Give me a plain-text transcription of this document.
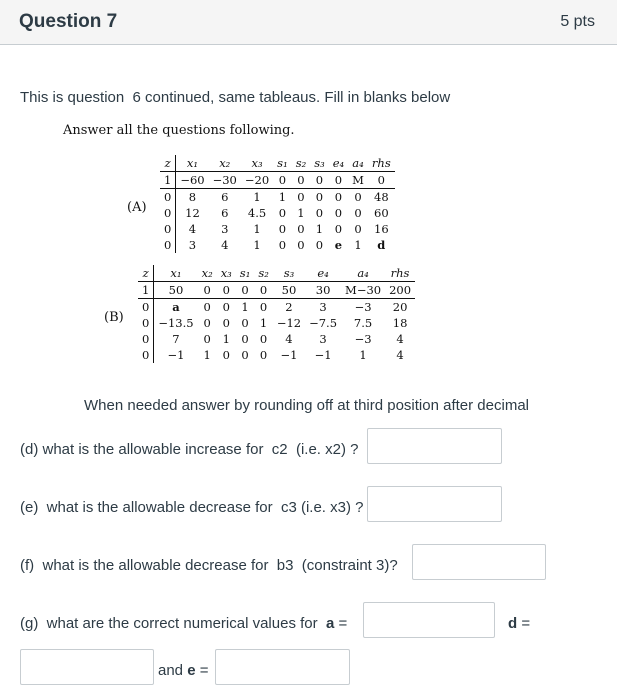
Question 7	5 pts
This is question  6 continued, same tableaus. Fill in blanks below
Answer all the questions following.
(A)
z	x₁	x₂	x₃	s₁	s₂	s₃	e₄	a₄	rhs
1	−60	−30	−20	0	0	0	0	M	0
0	8	6	1	1	0	0	0	0	48
0	12	6	4.5	0	1	0	0	0	60
0	4	3	1	0	0	1	0	0	16
0	3	4	1	0	0	0	e	1	d
(B)
z	x₁	x₂	x₃	s₁	s₂	s₃	e₄	a₄	rhs
1	50	0	0	0	0	50	30	M−30	200
0	a	0	0	1	0	2	3	−3	20
0	−13.5	0	0	0	1	−12	−7.5	7.5	18
0	7	0	1	0	0	4	3	−3	4
0	−1	1	0	0	0	−1	−1	1	4
When needed answer by rounding off at third position after decimal
(d) what is the allowable increase for  c2  (i.e. x2) ?
(e)  what is the allowable decrease for  c3 (i.e. x3) ?
(f)  what is the allowable decrease for  b3  (constraint 3)?
(g)  what are the correct numerical values for  a =	d =
and e =
